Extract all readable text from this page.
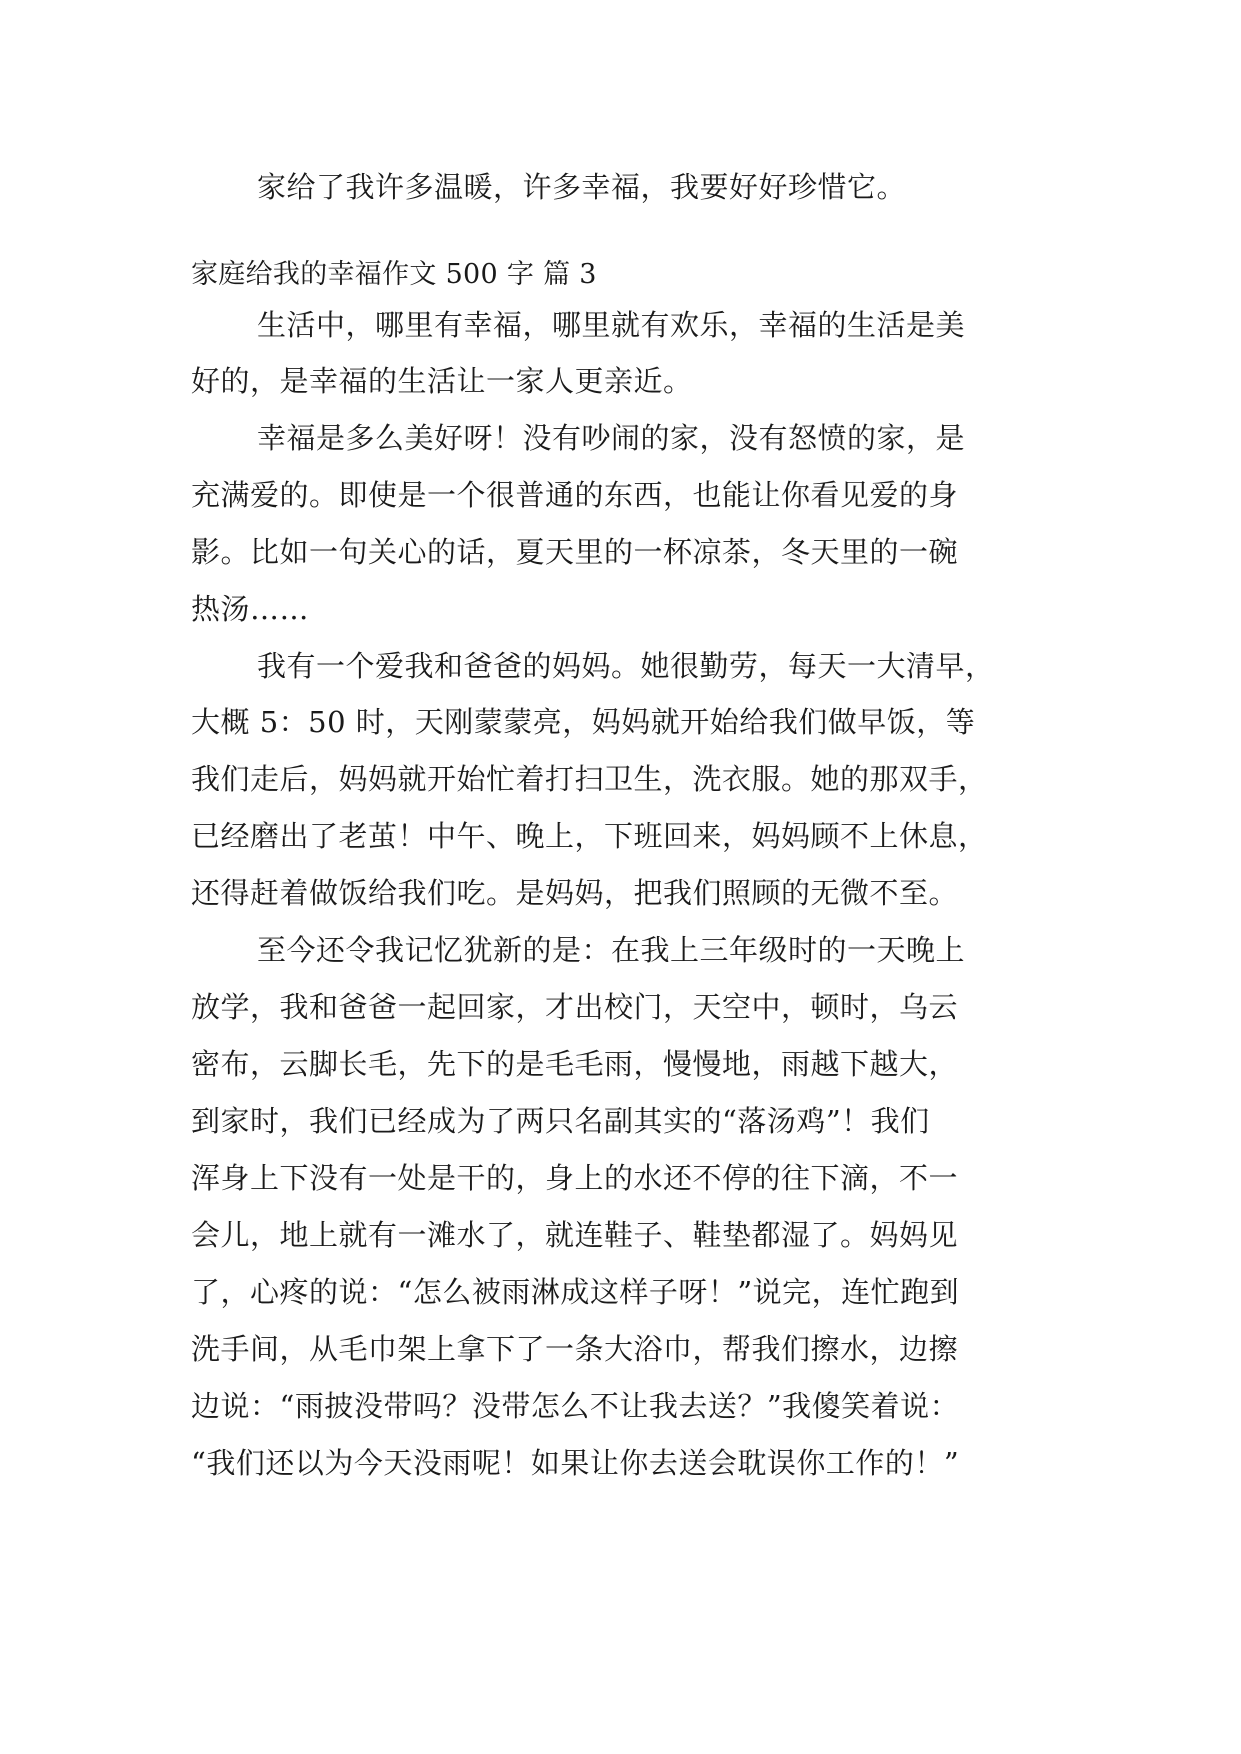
家给了我许多温暖，许多幸福，我要好好珍惜它。
家庭给我的幸福作文 500 字 篇 3
生活中，哪里有幸福，哪里就有欢乐，幸福的生活是美
好的，是幸福的生活让一家人更亲近。
幸福是多么美好呀！没有吵闹的家，没有怒愤的家，是
充满爱的。即使是一个很普通的东西，也能让你看见爱的身
影。比如一句关心的话，夏天里的一杯凉茶，冬天里的一碗
热汤……
我有一个爱我和爸爸的妈妈。她很勤劳，每天一大清早，
大概 5：50 时，天刚蒙蒙亮，妈妈就开始给我们做早饭，等
我们走后，妈妈就开始忙着打扫卫生，洗衣服。她的那双手，
已经磨出了老茧！中午、晚上，下班回来，妈妈顾不上休息，
还得赶着做饭给我们吃。是妈妈，把我们照顾的无微不至。
至今还令我记忆犹新的是：在我上三年级时的一天晚上
放学，我和爸爸一起回家，才出校门，天空中，顿时，乌云
密布，云脚长毛，先下的是毛毛雨，慢慢地，雨越下越大，
到家时，我们已经成为了两只名副其实的“落汤鸡”！我们
浑身上下没有一处是干的，身上的水还不停的往下滴，不一
会儿，地上就有一滩水了，就连鞋子、鞋垫都湿了。妈妈见
了，心疼的说：“怎么被雨淋成这样子呀！”说完，连忙跑到
洗手间，从毛巾架上拿下了一条大浴巾，帮我们擦水，边擦
边说：“雨披没带吗？没带怎么不让我去送？”我傻笑着说：
“我们还以为今天没雨呢！如果让你去送会耽误你工作的！”
